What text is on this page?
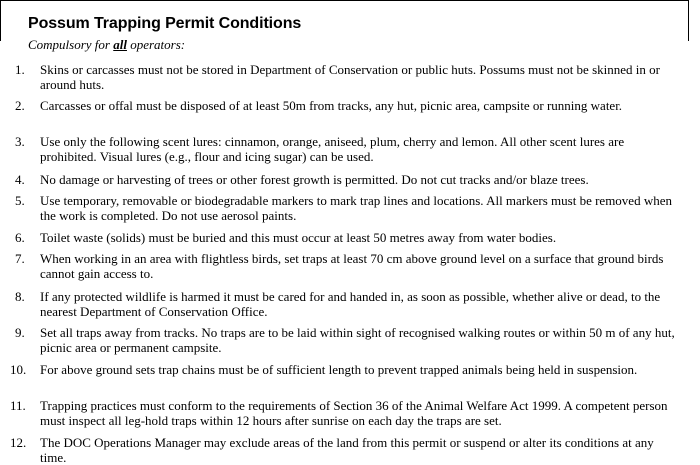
Possum Trapping Permit Conditions

Compulsory for all operators:

1.	Skins or carcasses must not be stored in Department of Conservation or public huts. Possums must not be skinned in or around huts.
2.	Carcasses or offal must be disposed of at least 50m from tracks, any hut, picnic area, campsite or running water.
3.	Use only the following scent lures: cinnamon, orange, aniseed, plum, cherry and lemon. All other scent lures are prohibited. Visual lures (e.g., flour and icing sugar) can be used.
4.	No damage or harvesting of trees or other forest growth is permitted. Do not cut tracks and/or blaze trees.
5.	Use temporary, removable or biodegradable markers to mark trap lines and locations. All markers must be removed when the work is completed. Do not use aerosol paints.
6.	Toilet waste (solids) must be buried and this must occur at least 50 metres away from water bodies.
7.	When working in an area with flightless birds, set traps at least 70 cm above ground level on a surface that ground birds cannot gain access to.
8.	If any protected wildlife is harmed it must be cared for and handed in, as soon as possible, whether alive or dead, to the nearest Department of Conservation Office.
9.	Set all traps away from tracks. No traps are to be laid within sight of recognised walking routes or within 50 m of any hut, picnic area or permanent campsite.
10.	For above ground sets trap chains must be of sufficient length to prevent trapped animals being held in suspension.
11.	Trapping practices must conform to the requirements of Section 36 of the Animal Welfare Act 1999. A competent person must inspect all leg-hold traps within 12 hours after sunrise on each day the traps are set.
12.	The DOC Operations Manager may exclude areas of the land from this permit or suspend or alter its conditions at any time.
